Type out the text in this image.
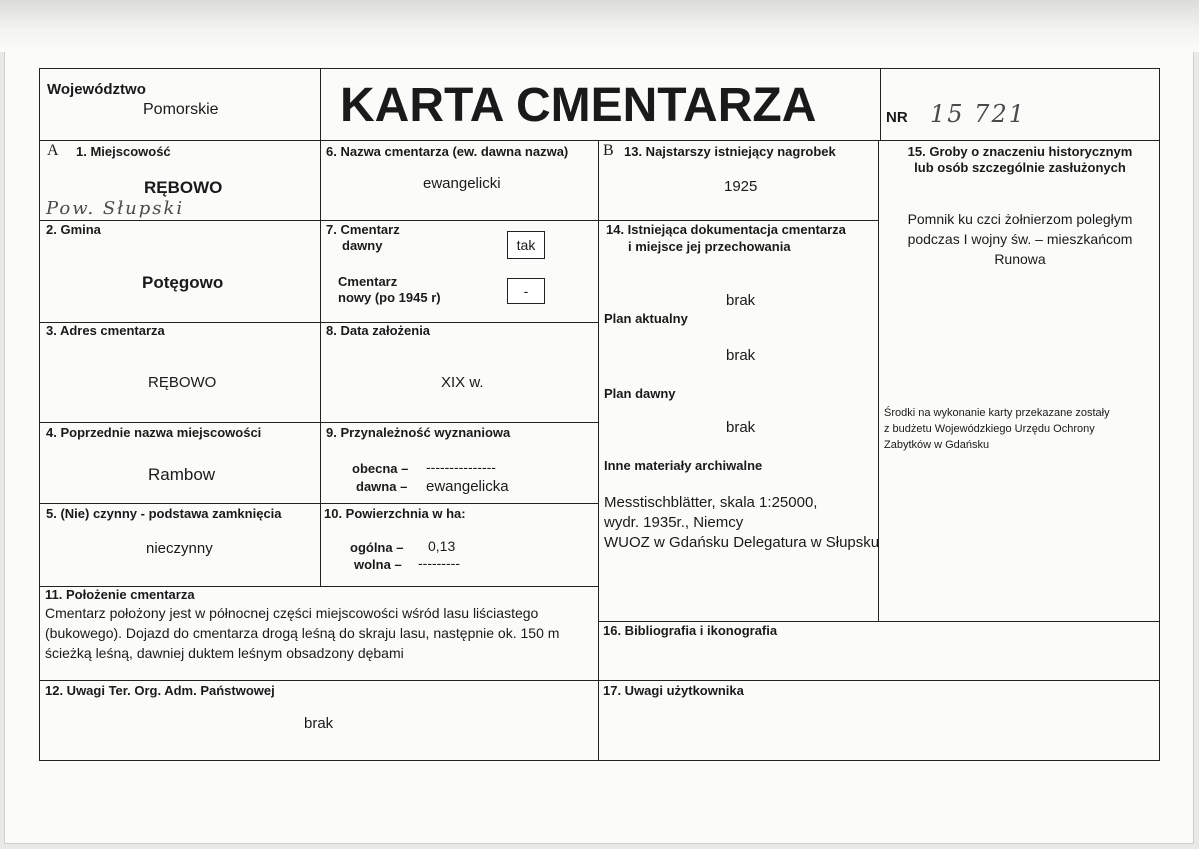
Województwo
Pomorskie	KARTA CMENTARZA	NR 15 721
A 1. Miejscowość
RĘBOWO
Pow. Słupski
2. Gmina
Potęgowo
3. Adres cmentarza
RĘBOWO
4. Poprzednie nazwa miejscowości
Rambow
5. (Nie) czynny - podstawa zamknięcia
nieczynny
6. Nazwa cmentarza (ew. dawna nazwa)
ewangelicki
7. Cmentarz
dawny	tak
Cmentarz
nowy (po 1945 r)	-
8. Data założenia
XIX w.
9. Przynależność wyznaniowa
obecna – ---------------
dawna – ewangelicka
10. Powierzchnia w ha:
ogólna – 0,13
wolna – ---------
B 13. Najstarszy istniejący nagrobek
1925
14. Istniejąca dokumentacja cmentarza
i miejsce jej przechowania
brak
Plan aktualny
brak
Plan dawny
brak
Inne materiały archiwalne
Messtischblätter, skala 1:25000,
wydr. 1935r., Niemcy
WUOZ w Gdańsku Delegatura w Słupsku
15. Groby o znaczeniu historycznym
lub osób szczególnie zasłużonych
Pomnik ku czci żołnierzom poległym
podczas I wojny św. – mieszkańcom
Runowa
Środki na wykonanie karty przekazane zostały
z budżetu Wojewódzkiego Urzędu Ochrony
Zabytków w Gdańsku
11. Położenie cmentarza
Cmentarz położony jest w północnej części miejscowości wśród lasu liściastego
(bukowego). Dojazd do cmentarza drogą leśną do skraju lasu, następnie ok. 150 m
ścieżką leśną, dawniej duktem leśnym obsadzony dębami
16. Bibliografia i ikonografia
12. Uwagi Ter. Org. Adm. Państwowej
brak
17. Uwagi użytkownika
